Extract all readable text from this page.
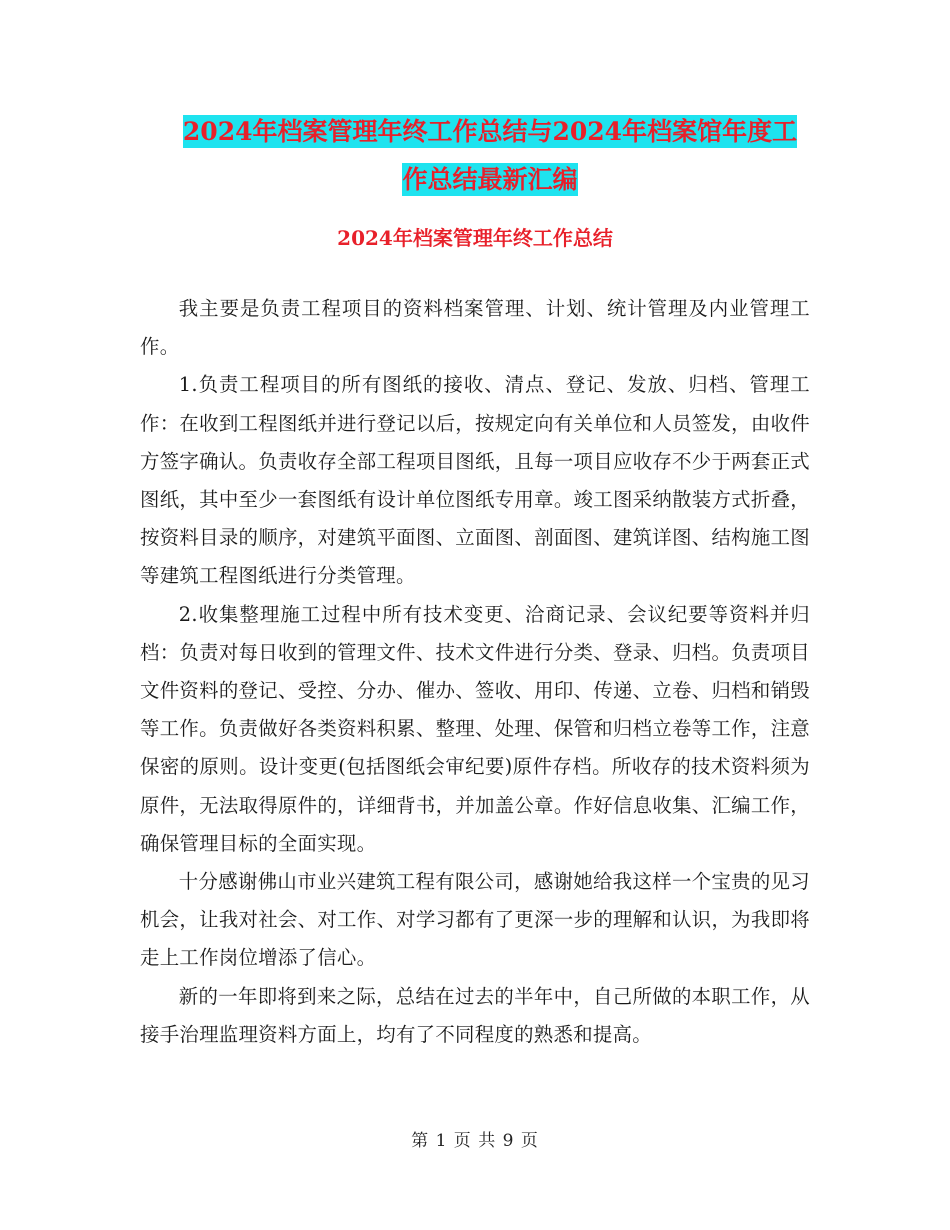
2024年档案管理年终工作总结与2024年档案馆年度工
作总结最新汇编
2024年档案管理年终工作总结

我主要是负责工程项目的资料档案管理、计划、统计管理及内业管理工作。

1.负责工程项目的所有图纸的接收、清点、登记、发放、归档、管理工作：在收到工程图纸并进行登记以后，按规定向有关单位和人员签发，由收件方签字确认。负责收存全部工程项目图纸，且每一项目应收存不少于两套正式图纸，其中至少一套图纸有设计单位图纸专用章。竣工图采纳散装方式折叠，按资料目录的顺序，对建筑平面图、立面图、剖面图、建筑详图、结构施工图等建筑工程图纸进行分类管理。

2.收集整理施工过程中所有技术变更、洽商记录、会议纪要等资料并归档：负责对每日收到的管理文件、技术文件进行分类、登录、归档。负责项目文件资料的登记、受控、分办、催办、签收、用印、传递、立卷、归档和销毁等工作。负责做好各类资料积累、整理、处理、保管和归档立卷等工作，注意保密的原则。设计变更(包括图纸会审纪要)原件存档。所收存的技术资料须为原件，无法取得原件的，详细背书，并加盖公章。作好信息收集、汇编工作，确保管理目标的全面实现。

十分感谢佛山市业兴建筑工程有限公司，感谢她给我这样一个宝贵的见习机会，让我对社会、对工作、对学习都有了更深一步的理解和认识，为我即将走上工作岗位增添了信心。

新的一年即将到来之际，总结在过去的半年中，自己所做的本职工作，从接手治理监理资料方面上，均有了不同程度的熟悉和提高。

第 1 页 共 9 页
